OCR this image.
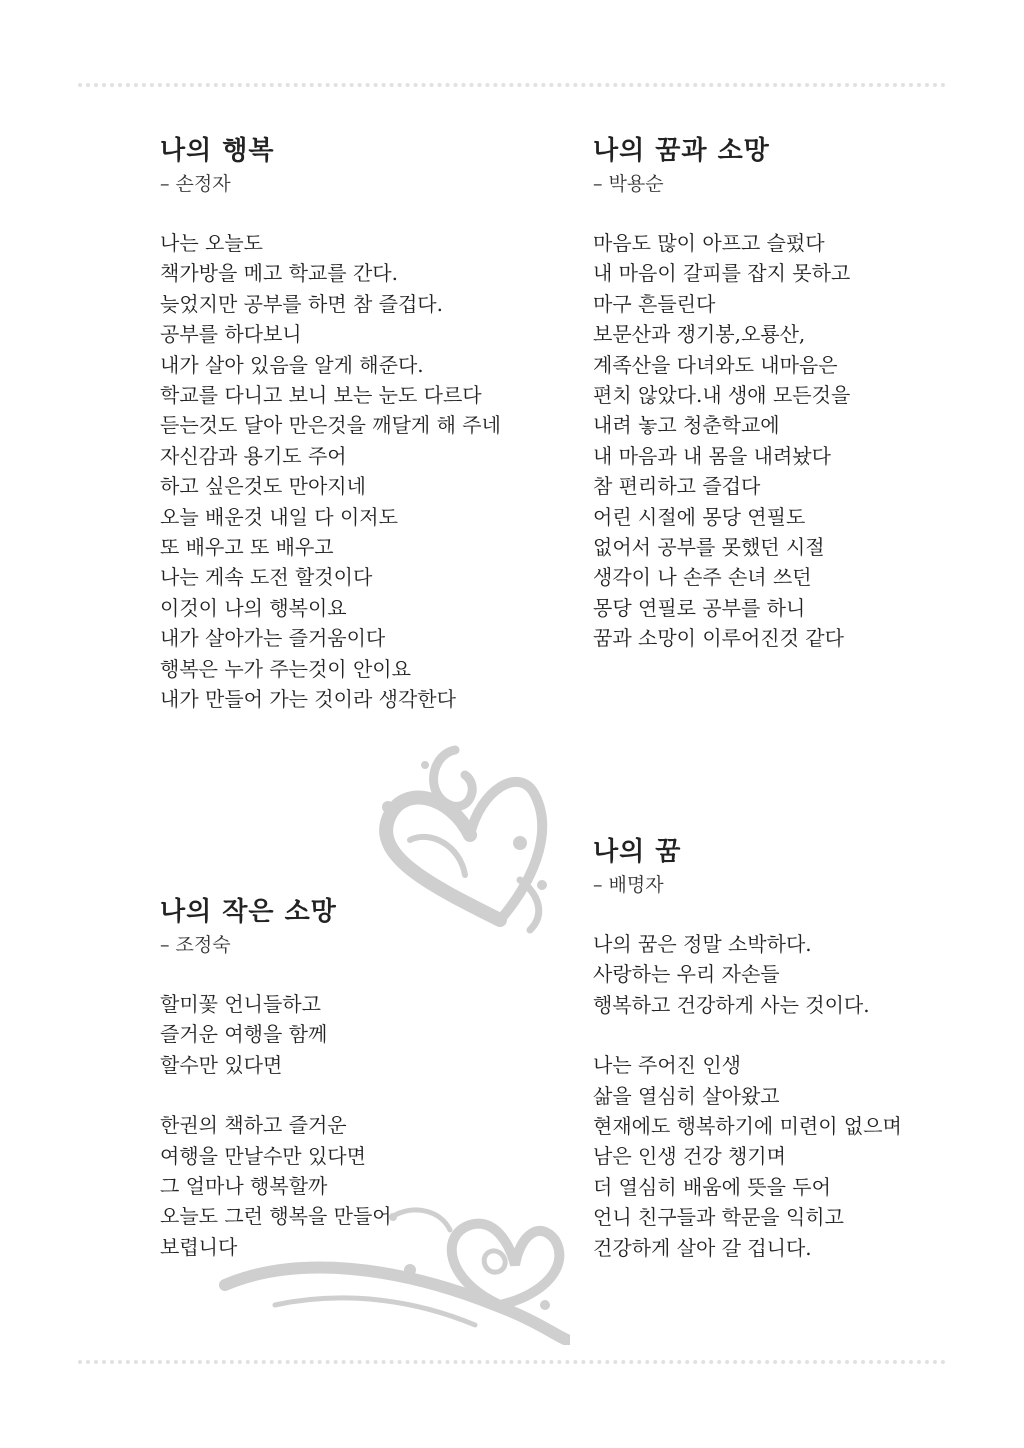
나의 행복

– 손정자

나는 오늘도
책가방을 메고 학교를 간다.
늦었지만 공부를 하면 참 즐겁다.
공부를 하다보니
내가 살아 있음을 알게 해준다.
학교를 다니고 보니 보는 눈도 다르다
듣는것도 달아 만은것을 깨달게 해 주네
자신감과 용기도 주어
하고 싶은것도 만아지네
오늘 배운것 내일 다 이저도
또 배우고 또 배우고
나는 게속 도전 할것이다
이것이 나의 행복이요
내가 살아가는 즐거움이다
행복은 누가 주는것이 안이요
내가 만들어 가는 것이라 생각한다
나의 꿈과 소망

– 박용순

마음도 많이 아프고 슬펐다
내 마음이 갈피를 잡지 못하고
마구 흔들린다
보문산과 쟁기봉,오룡산,
계족산을 다녀와도 내마음은
편치 않았다.내 생애 모든것을
내려 놓고 청춘학교에
내 마음과 내 몸을 내려놨다
참 편리하고 즐겁다
어린 시절에 몽당 연필도
없어서 공부를 못했던 시절
생각이 나 손주 손녀 쓰던
몽당 연필로 공부를 하니
꿈과 소망이 이루어진것 같다
나의 작은 소망

– 조정숙

할미꽃 언니들하고
즐거운 여행을 함께
할수만 있다면
한권의 책하고 즐거운
여행을 만날수만 있다면
그 얼마나 행복할까
오늘도 그런 행복을 만들어
보렵니다
나의 꿈

– 배명자

나의 꿈은 정말 소박하다.
사랑하는 우리 자손들
행복하고 건강하게 사는 것이다.
나는 주어진 인생
삶을 열심히 살아왔고
현재에도 행복하기에 미련이 없으며
남은 인생 건강 챙기며
더 열심히 배움에 뜻을 두어
언니 친구들과 학문을 익히고
건강하게 살아 갈 겁니다.
